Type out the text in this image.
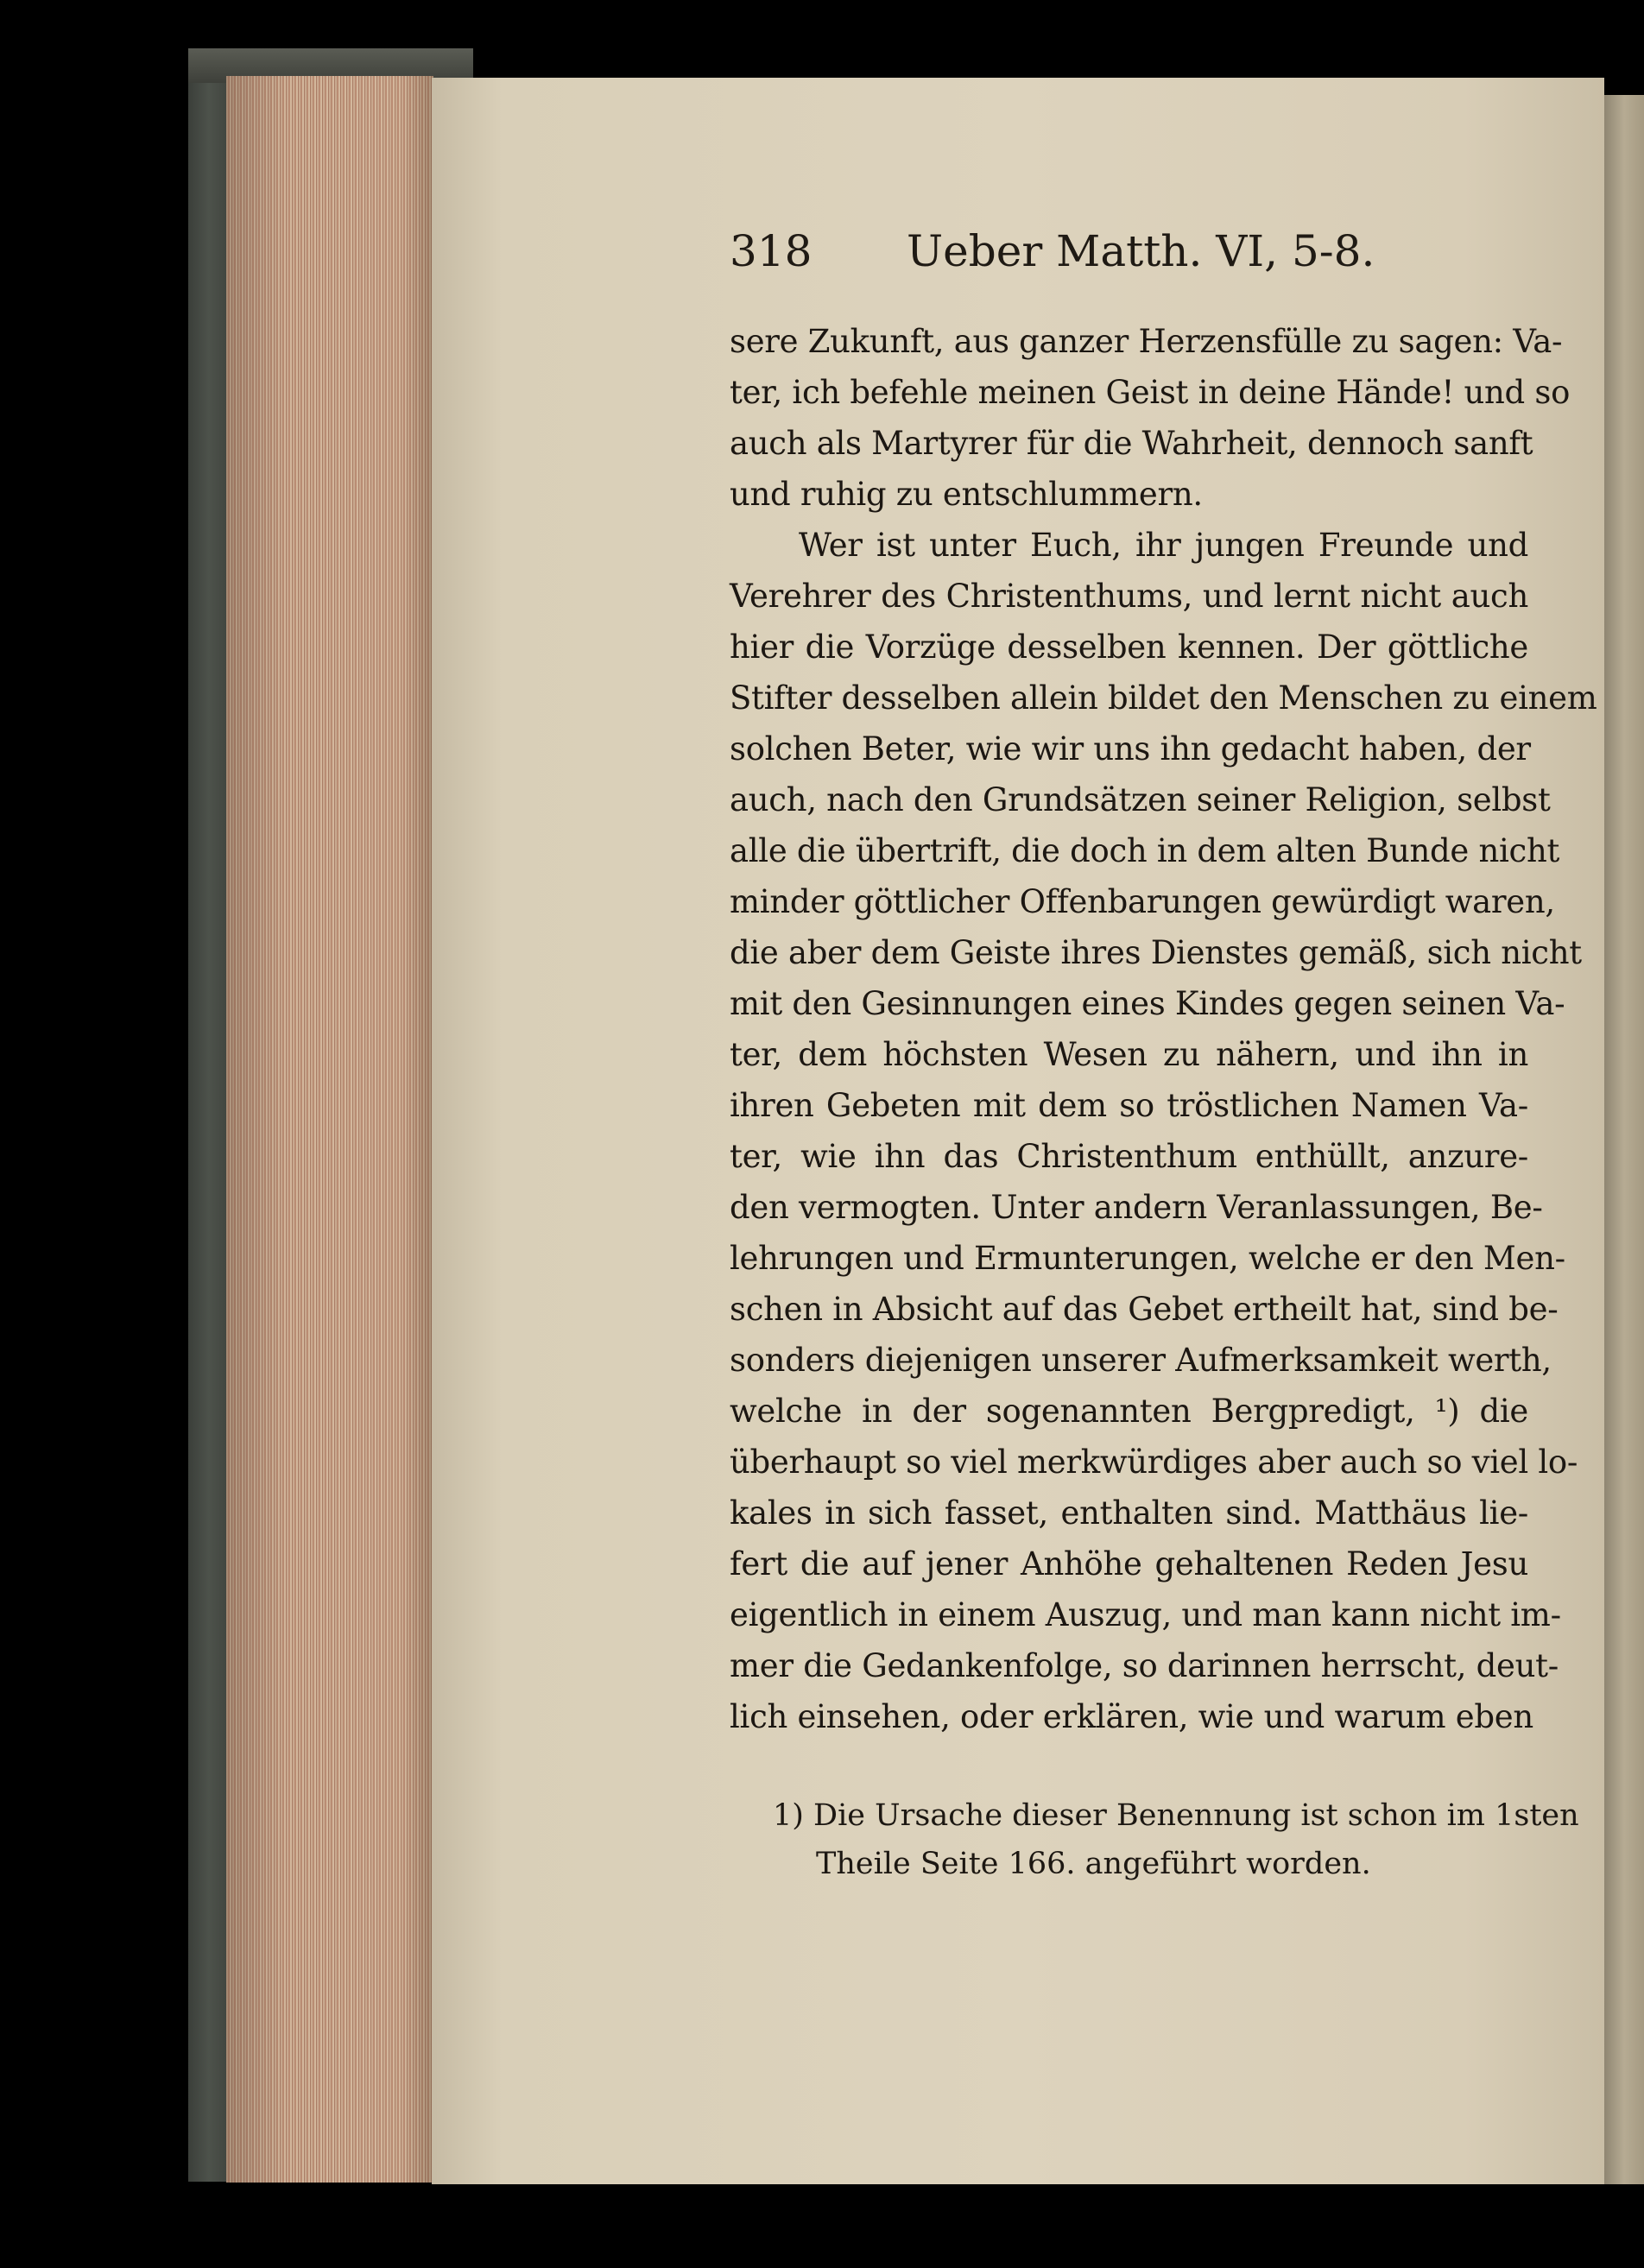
318 Ueber Matth. VI, 5-8.
sere Zukunft, aus ganzer Herzensfülle zu sagen: Va-
ter, ich befehle meinen Geist in deine Hände! und so
auch als Martyrer für die Wahrheit, dennoch sanft
und ruhig zu entschlummern.
Wer ist unter Euch, ihr jungen Freunde und
Verehrer des Christenthums, und lernt nicht auch
hier die Vorzüge desselben kennen. Der göttliche
Stifter desselben allein bildet den Menschen zu einem
solchen Beter, wie wir uns ihn gedacht haben, der
auch, nach den Grundsätzen seiner Religion, selbst
alle die übertrift, die doch in dem alten Bunde nicht
minder göttlicher Offenbarungen gewürdigt waren,
die aber dem Geiste ihres Dienstes gemäß, sich nicht
mit den Gesinnungen eines Kindes gegen seinen Va-
ter, dem höchsten Wesen zu nähern, und ihn in
ihren Gebeten mit dem so tröstlichen Namen Va-
ter, wie ihn das Christenthum enthüllt, anzure-
den vermogten. Unter andern Veranlassungen, Be-
lehrungen und Ermunterungen, welche er den Men-
schen in Absicht auf das Gebet ertheilt hat, sind be-
sonders diejenigen unserer Aufmerksamkeit werth,
welche in der sogenannten Bergpredigt, ¹) die
überhaupt so viel merkwürdiges aber auch so viel lo-
kales in sich fasset, enthalten sind. Matthäus lie-
fert die auf jener Anhöhe gehaltenen Reden Jesu
eigentlich in einem Auszug, und man kann nicht im-
mer die Gedankenfolge, so darinnen herrscht, deut-
lich einsehen, oder erklären, wie und warum eben
1) Die Ursache dieser Benennung ist schon im 1sten
Theile Seite 166. angeführt worden.
